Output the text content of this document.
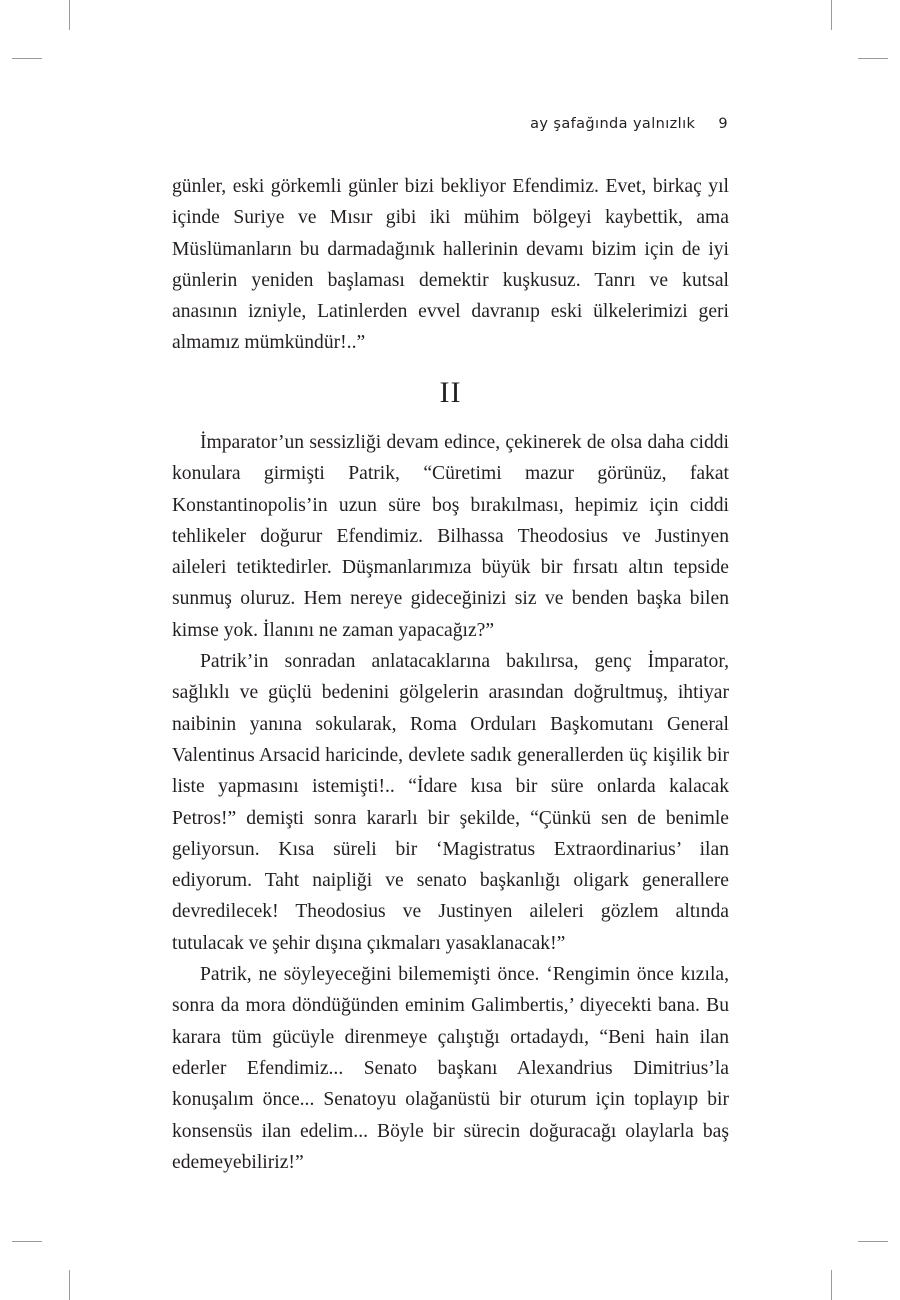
ay şafağında yalnızlık 9

günler, eski görkemli günler bizi bekliyor Efendimiz. Evet, birkaç yıl içinde Suriye ve Mısır gibi iki mühim bölgeyi kaybettik, ama Müslümanların bu darmadağınık hallerinin devamı bizim için de iyi günlerin yeniden başlaması demektir kuşkusuz. Tanrı ve kutsal anasının izniyle, Latinlerden evvel davranıp eski ülkelerimizi geri almamız mümkündür!..”

II

İmparator’un sessizliği devam edince, çekinerek de olsa daha ciddi konulara girmişti Patrik, “Cüretimi mazur görünüz, fakat Konstantinopolis’in uzun süre boş bırakılması, hepimiz için ciddi tehlikeler doğurur Efendimiz. Bilhassa Theodosius ve Justinyen aileleri tetiktedirler. Düşmanlarımıza büyük bir fırsatı altın tepside sunmuş oluruz. Hem nereye gideceğinizi siz ve benden başka bilen kimse yok. İlanını ne zaman yapacağız?”

Patrik’in sonradan anlatacaklarına bakılırsa, genç İmparator, sağlıklı ve güçlü bedenini gölgelerin arasından doğrultmuş, ihtiyar naibinin yanına sokularak, Roma Orduları Başkomutanı General Valentinus Arsacid haricinde, devlete sadık generallerden üç kişilik bir liste yapmasını istemişti!.. “İdare kısa bir süre onlarda kalacak Petros!” demişti sonra kararlı bir şekilde, “Çünkü sen de benimle geliyorsun. Kısa süreli bir ‘Magistratus Extraordinarius’ ilan ediyorum. Taht naipliği ve senato başkanlığı oligark generallere devredilecek! Theodosius ve Justinyen aileleri gözlem altında tutulacak ve şehir dışına çıkmaları yasaklanacak!”

Patrik, ne söyleyeceğini bilememişti önce. ‘Rengimin önce kızıla, sonra da mora döndüğünden eminim Galimbertis,’ diyecekti bana. Bu karara tüm gücüyle direnmeye çalıştığı ortadaydı, “Beni hain ilan ederler Efendimiz... Senato başkanı Alexandrius Dimitrius’la konuşalım önce... Senatoyu olağanüstü bir oturum için toplayıp bir konsensüs ilan edelim... Böyle bir sürecin doğuracağı olaylarla baş edemeyebiliriz!”
